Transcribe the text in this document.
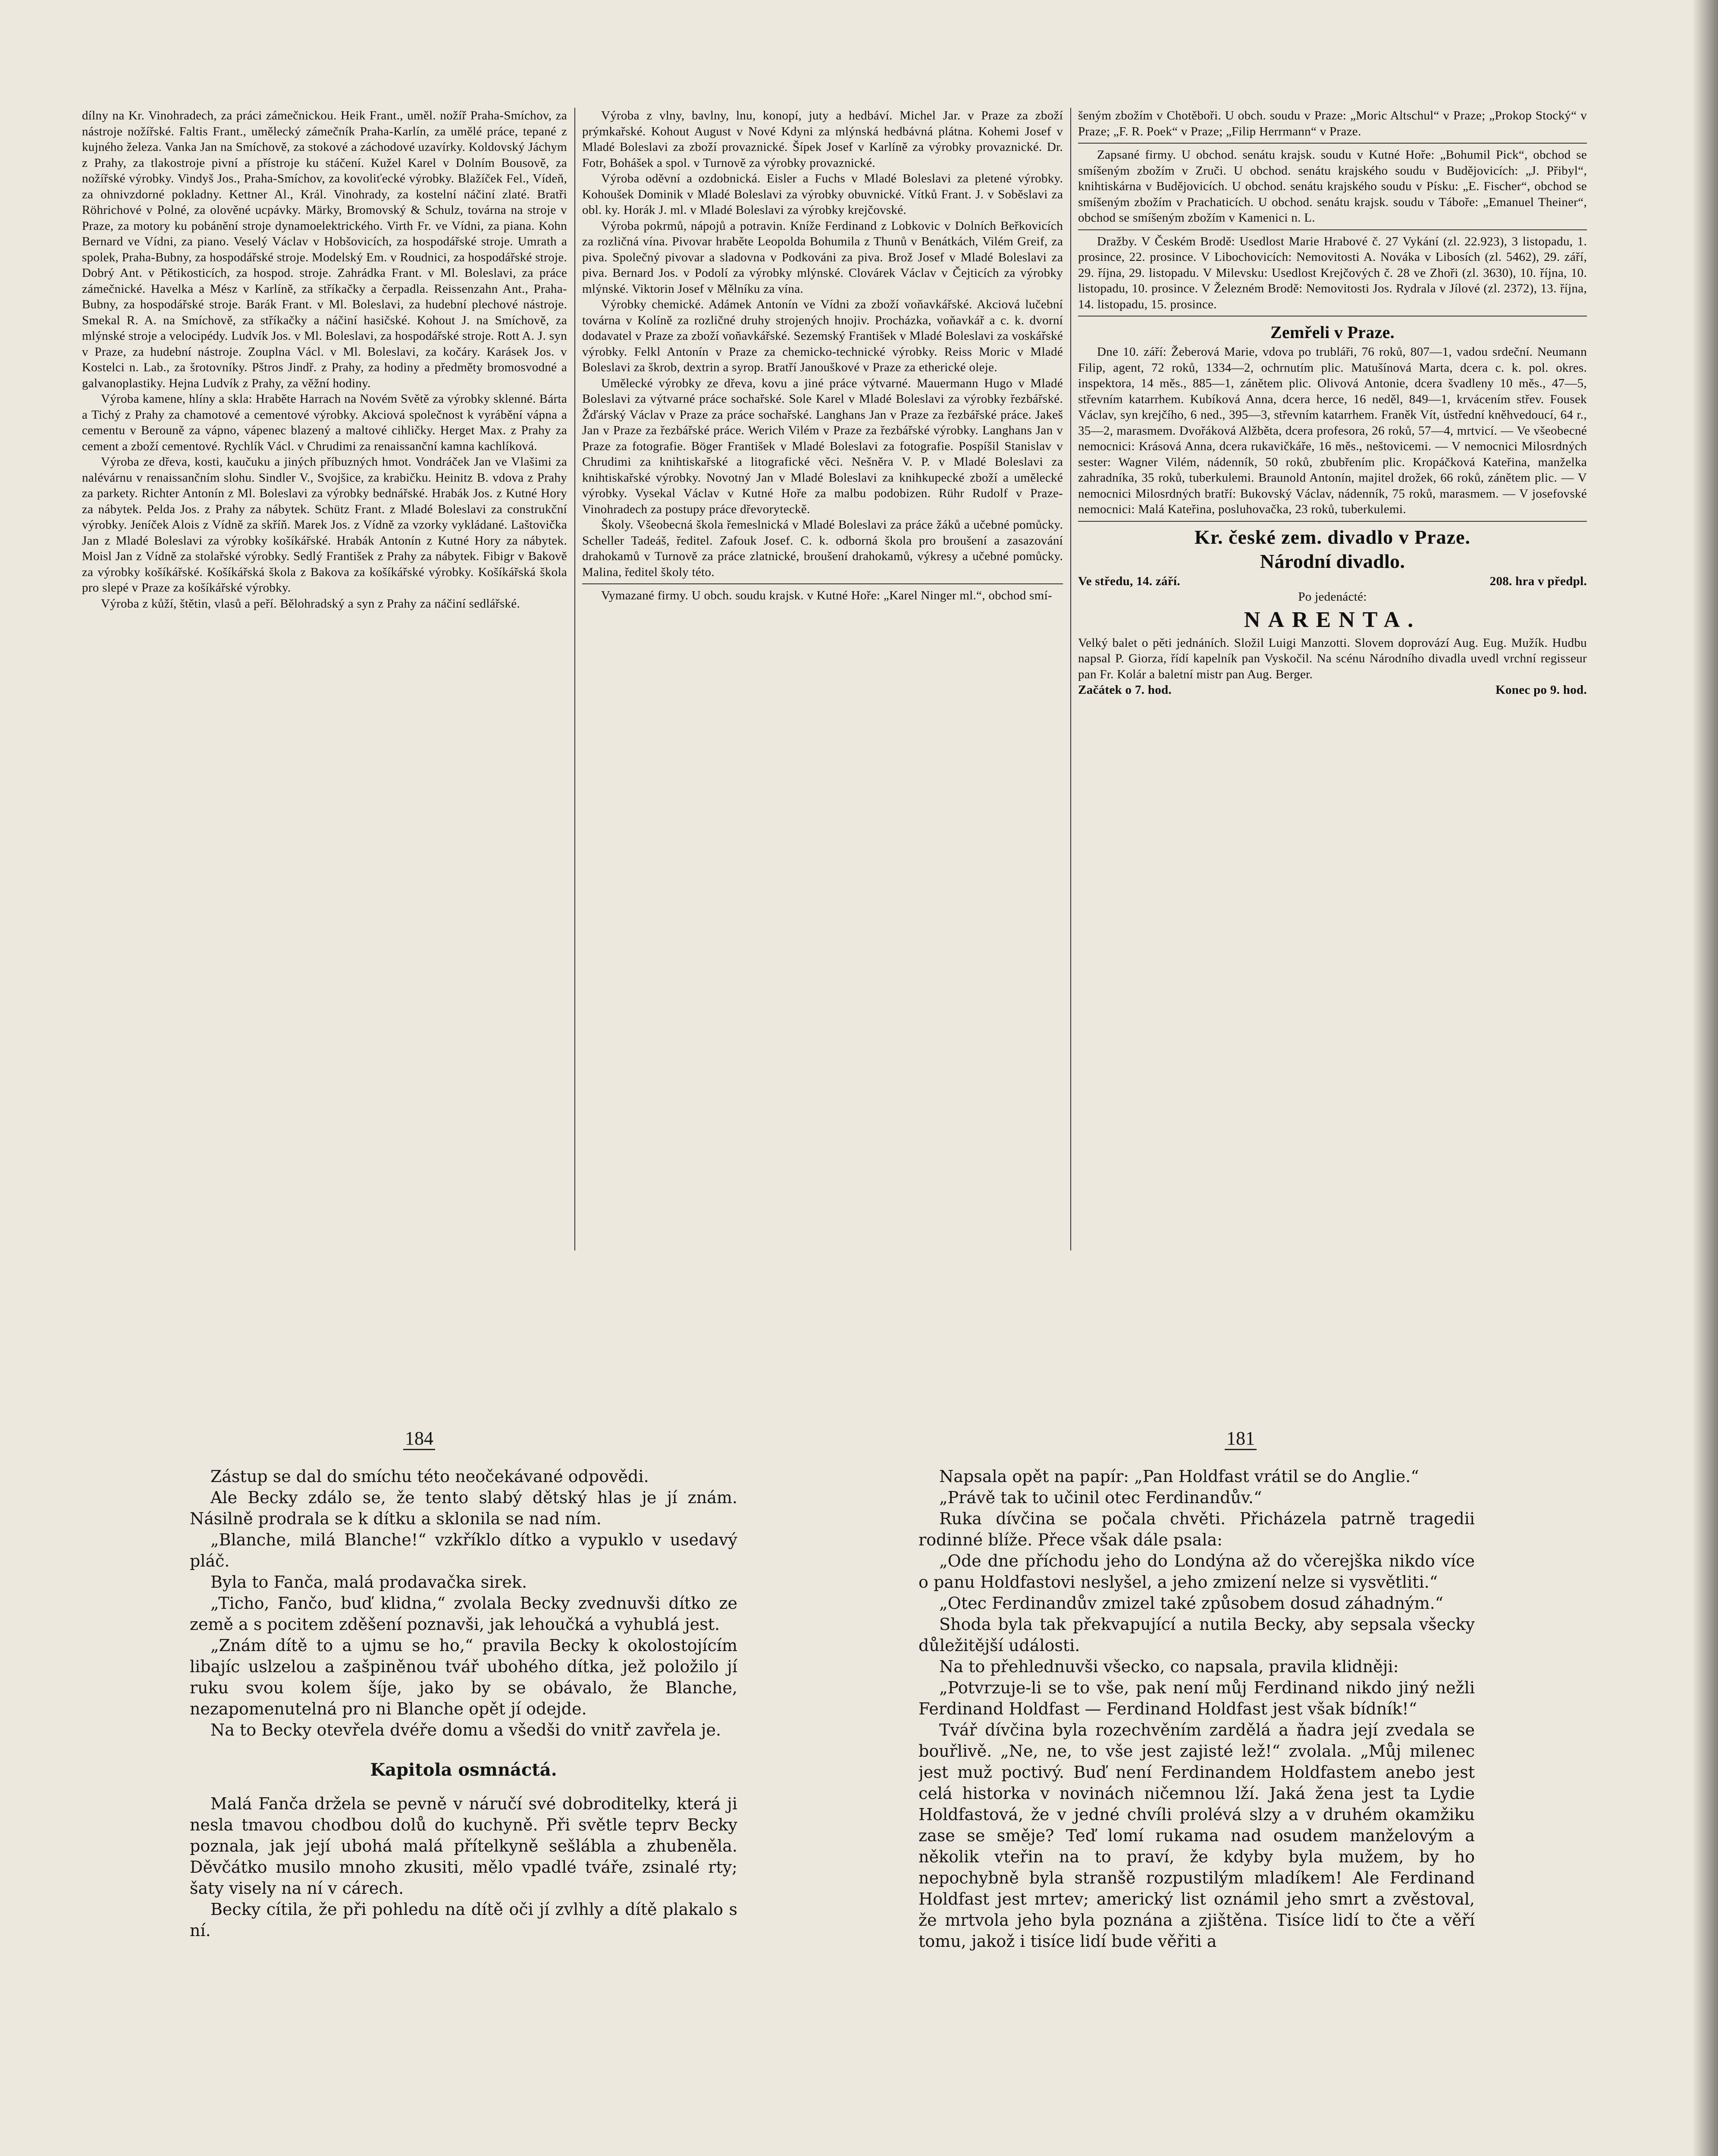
dílny na Kr. Vinohradech, za práci zámečnickou. Heik Frant., uměl. nožíř Praha-Smíchov, za nástroje nožířské. Faltis Frant., umělecký zámečník Praha-Karlín, za umělé práce, tepané z kujného železa. Vanka Jan na Smíchově, za stokové a záchodové uzavírky. Koldovský Jáchym z Prahy, za tlakostroje pivní a přístroje ku stáčení. Kužel Karel v Dolním Bousově, za nožířské výrobky. Vindyš Jos., Praha-Smíchov, za kovoliťecké výrobky. Blažíček Fel., Vídeň, za ohnivzdorné pokladny. Kettner Al., Král. Vinohrady, za kostelní náčiní zlaté. Bratři Röhrichové v Polné, za olověné ucpávky. Märky, Bromovský & Schulz, továrna na stroje v Praze, za motory ku pobánění stroje dynamoelektrického. Virth Fr. ve Vídni, za piana. Kohn Bernard ve Vídni, za piano. Veselý Václav v Hobšovicích, za hospodářské stroje. Umrath a spolek, Praha-Bubny, za hospodářské stroje. Modelský Em. v Roudnici, za hospodářské stroje. Dobrý Ant. v Pětikosticích, za hospod. stroje. Zahrádka Frant. v Ml. Boleslavi, za práce zámečnické. Havelka a Mész v Karlíně, za stříkačky a čerpadla. Reissenzahn Ant., Praha-Bubny, za hospodářské stroje. Barák Frant. v Ml. Boleslavi, za hudební plechové nástroje. Smekal R. A. na Smíchově, za stříkačky a náčiní hasičské. Kohout J. na Smíchově, za mlýnské stroje a velocipédy. Ludvík Jos. v Ml. Boleslavi, za hospodářské stroje. Rott A. J. syn v Praze, za hudební nástroje. Zouplna Václ. v Ml. Boleslavi, za kočáry. Karásek Jos. v Kostelci n. Lab., za šrotovníky. Pštros Jindř. z Prahy, za hodiny a předměty bromosvodné a galvanoplastiky. Hejna Ludvík z Prahy, za věžní hodiny.

Výroba kamene, hlíny a skla: Hraběte Harrach na Novém Světě za výrobky sklenné. Bárta a Tichý z Prahy za chamotové a cementové výrobky. Akciová společnost k vyrábění vápna a cementu v Berouně za vápno, vápenec blazený a maltové cihličky. Herget Max. z Prahy za cement a zboží cementové. Rychlík Václ. v Chrudimi za renaissanční kamna kachlíková.

Výroba ze dřeva, kosti, kaučuku a jiných příbuzných hmot. Vondráček Jan ve Vlašimi za nalévárnu v renaissančním slohu. Sindler V., Svojšice, za krabičku. Heinitz B. vdova z Prahy za parkety. Richter Antonín z Ml. Boleslavi za výrobky bednářské. Hrabák Jos. z Kutné Hory za nábytek. Pelda Jos. z Prahy za nábytek. Schütz Frant. z Mladé Boleslavi za construkční výrobky. Jeníček Alois z Vídně za skříň. Marek Jos. z Vídně za vzorky vykládané. Laštovička Jan z Mladé Boleslavi za výrobky košíkářské. Hrabák Antonín z Kutné Hory za nábytek. Moisl Jan z Vídně za stolařské výrobky. Sedlý František z Prahy za nábytek. Fibigr v Bakově za výrobky košíkářské. Košíkářská škola z Bakova za košíkářské výrobky. Košíkářská škola pro slepé v Praze za košíkářské výrobky.

Výroba z kůží, štětin, vlasů a peří. Bělohradský a syn z Prahy za náčiní sedlářské.

Výroba z vlny, bavlny, lnu, konopí, juty a hedbáví. Michel Jar. v Praze za zboží prýmkařské. Kohout August v Nové Kdyni za mlýnská hedbávná plátna. Kohemi Josef v Mladé Boleslavi za zboží provaznické. Šípek Josef v Karlíně za výrobky provaznické. Dr. Fotr, Bohášek a spol. v Turnově za výrobky provaznické.

Výroba oděvní a ozdobnická. Eisler a Fuchs v Mladé Boleslavi za pletené výrobky. Kohoušek Dominik v Mladé Boleslavi za výrobky obuvnické. Vítků Frant. J. v Soběslavi za obl. ky. Horák J. ml. v Mladé Boleslavi za výrobky krejčovské.

Výroba pokrmů, nápojů a potravin. Kníže Ferdinand z Lobkovic v Dolních Beřkovicích za rozličná vína. Pivovar hraběte Leopolda Bohumila z Thunů v Benátkách, Vilém Greif, za piva. Společný pivovar a sladovna v Podkováni za piva. Brož Josef v Mladé Boleslavi za piva. Bernard Jos. v Podolí za výrobky mlýnské. Clovárek Václav v Čejticích za výrobky mlýnské. Viktorin Josef v Mělníku za vína.

Výrobky chemické. Adámek Antonín ve Vídni za zboží voňavkářské. Akciová lučební továrna v Kolíně za rozličné druhy strojených hnojiv. Procházka, voňavkář a c. k. dvorní dodavatel v Praze za zboží voňavkářské. Sezemský František v Mladé Boleslavi za voskářské výrobky. Felkl Antonín v Praze za chemicko-technické výrobky. Reiss Moric v Mladé Boleslavi za škrob, dextrin a syrop. Bratří Janouškové v Praze za etherické oleje.

Umělecké výrobky ze dřeva, kovu a jiné práce výtvarné. Mauermann Hugo v Mladé Boleslavi za výtvarné práce sochařské. Sole Karel v Mladé Boleslavi za výrobky řezbářské. Žďárský Václav v Praze za práce sochařské. Langhans Jan v Praze za řezbářské práce. Jakeš Jan v Praze za řezbářské práce. Werich Vilém v Praze za řezbářské výrobky. Langhans Jan v Praze za fotografie. Böger František v Mladé Boleslavi za fotografie. Pospíšil Stanislav v Chrudimi za knihtiskařské a litografické věci. Nešněra V. P. v Mladé Boleslavi za knihtiskařské výrobky. Novotný Jan v Mladé Boleslavi za knihkupecké zboží a umělecké výrobky. Vysekal Václav v Kutné Hoře za malbu podobizen. Rühr Rudolf v Praze-Vinohradech za postupy práce dřevoryteckě.

Školy. Všeobecná škola řemeslnická v Mladé Boleslavi za práce žáků a učebné pomůcky. Scheller Tadeáš, ředitel. Zafouk Josef. C. k. odborná škola pro broušení a zasazování drahokamů v Turnově za práce zlatnické, broušení drahokamů, výkresy a učebné pomůcky. Malina, ředitel školy této.

Vymazané firmy. U obch. soudu krajsk. v Kutné Hoře: „Karel Ninger ml.“, obchod smí-

šeným zbožím v Chotěboři. U obch. soudu v Praze: „Moric Altschul“ v Praze; „Prokop Stocký“ v Praze; „F. R. Poek“ v Praze; „Filip Herrmann“ v Praze.

Zapsané firmy. U obchod. senátu krajsk. soudu v Kutné Hoře: „Bohumil Pick“, obchod se smíšeným zbožím v Zruči. U obchod. senátu krajského soudu v Budějovicích: „J. Přibyl“, knihtiskárna v Budějovicích. U obchod. senátu krajského soudu v Písku: „E. Fischer“, obchod se smíšeným zbožím v Prachaticích. U obchod. senátu krajsk. soudu v Táboře: „Emanuel Theiner“, obchod se smíšeným zbožím v Kamenici n. L.

Dražby. V Českém Brodě: Usedlost Marie Hrabové č. 27 Vykání (zl. 22.923), 3 listopadu, 1. prosince, 22. prosince. V Libochovicích: Nemovitosti A. Nováka v Libosích (zl. 5462), 29. září, 29. října, 29. listopadu. V Milevsku: Usedlost Krejčových č. 28 ve Zhoři (zl. 3630), 10. října, 10. listopadu, 10. prosince. V Železném Brodě: Nemovitosti Jos. Rydrala v Jílové (zl. 2372), 13. října, 14. listopadu, 15. prosince.

Zemřeli v Praze.

Dne 10. září: Žeberová Marie, vdova po trubláři, 76 roků, 807—1, vadou srdeční. Neumann Filip, agent, 72 roků, 1334—2, ochrnutím plic. Matušínová Marta, dcera c. k. pol. okres. inspektora, 14 měs., 885—1, zánětem plic. Olivová Antonie, dcera švadleny 10 měs., 47—5, střevním katarrhem. Kubíková Anna, dcera herce, 16 neděl, 849—1, krvácením střev. Fousek Václav, syn krejčího, 6 ned., 395—3, střevním katarrhem. Franěk Vít, ústřední kněhvedoucí, 64 r., 35—2, marasmem. Dvořáková Alžběta, dcera profesora, 26 roků, 57—4, mrtvicí. — Ve všeobecné nemocnici: Krásová Anna, dcera rukavičkáře, 16 měs., neštovicemi. — V nemocnici Milosrdných sester: Wagner Vilém, nádenník, 50 roků, zbubřením plic. Kropáčková Kateřina, manželka zahradníka, 35 roků, tuberkulemi. Braunold Antonín, majitel drožek, 66 roků, zánětem plic. — V nemocnici Milosrdných bratří: Bukovský Václav, nádenník, 75 roků, marasmem. — V josefovské nemocnici: Malá Kateřina, posluhovačka, 23 roků, tuberkulemi.

Kr. české zem. divadlo v Praze.
Národní divadlo.
Ve středu, 14. září.	208. hra v předpl.
Po jedenácté:
NARENTA.

Velký balet o pěti jednáních. Složil Luigi Manzotti. Slovem doprovází Aug. Eug. Mužík. Hudbu napsal P. Giorza, řídí kapelník pan Vyskočil. Na scénu Národního divadla uvedl vrchní regisseur pan Fr. Kolár a baletní mistr pan Aug. Berger.

Začátek o 7. hod.	Konec po 9. hod.
184	181

Zástup se dal do smíchu této neočekávané odpovědi.

Ale Becky zdálo se, že tento slabý dětský hlas je jí znám. Násilně prodrala se k dítku a sklonila se nad ním.

„Blanche, milá Blanche!“ vzkříklo dítko a vypuklo v usedavý pláč.

Byla to Fanča, malá prodavačka sirek.

„Ticho, Fančo, buď klidna,“ zvolala Becky zvednuvši dítko ze země a s pocitem zděšení poznavši, jak lehoučká a vyhublá jest.

„Znám dítě to a ujmu se ho,“ pravila Becky k okolostojícím libajíc uslzelou a zašpiněnou tvář ubohého dítka, jež položilo jí ruku svou kolem šíje, jako by se obávalo, že Blanche, nezapomenutelná pro ni Blanche opět jí odejde.

Na to Becky otevřela dvéře domu a všedši do vnitř zavřela je.

Kapitola osmnáctá.

Malá Fanča držela se pevně v náručí své dobroditelky, která ji nesla tmavou chodbou dolů do kuchyně. Při světle teprv Becky poznala, jak její ubohá malá přítelkyně sešlábla a zhubeněla. Děvčátko musilo mnoho zkusiti, mělo vpadlé tváře, zsinalé rty; šaty visely na ní v cárech.

Becky cítila, že při pohledu na dítě oči jí zvlhly a dítě plakalo s ní.

Napsala opět na papír: „Pan Holdfast vrátil se do Anglie.“

„Právě tak to učinil otec Ferdinandův.“

Ruka dívčina se počala chvěti. Přicházela patrně tragedii rodinné blíže. Přece však dále psala:

„Ode dne příchodu jeho do Londýna až do včerejška nikdo více o panu Holdfastovi neslyšel, a jeho zmizení nelze si vysvětliti.“

„Otec Ferdinandův zmizel také způsobem dosud záhadným.“

Shoda byla tak překvapující a nutila Becky, aby sepsala všecky důležitější události.

Na to přehlednuvši všecko, co napsala, pravila klidněji:

„Potvrzuje-li se to vše, pak není můj Ferdinand nikdo jiný nežli Ferdinand Holdfast — Ferdinand Holdfast jest však bídník!“

Tvář dívčina byla rozechvěním zardělá a ňadra její zvedala se bouřlivě. „Ne, ne, to vše jest zajisté lež!“ zvolala. „Můj milenec jest muž poctivý. Buď není Ferdinandem Holdfastem anebo jest celá historka v novinách ničemnou lží. Jaká žena jest ta Lydie Holdfastová, že v jedné chvíli prolévá slzy a v druhém okamžiku zase se směje? Teď lomí rukama nad osudem manželovým a několik vteřin na to praví, že kdyby byla mužem, by ho nepochybně byla stranšě rozpustilým mladíkem! Ale Ferdinand Holdfast jest mrtev; americký list oznámil jeho smrt a zvěstoval, že mrtvola jeho byla poznána a zjištěna. Tisíce lidí to čte a věří tomu, jakož i tisíce lidí bude věřiti a
